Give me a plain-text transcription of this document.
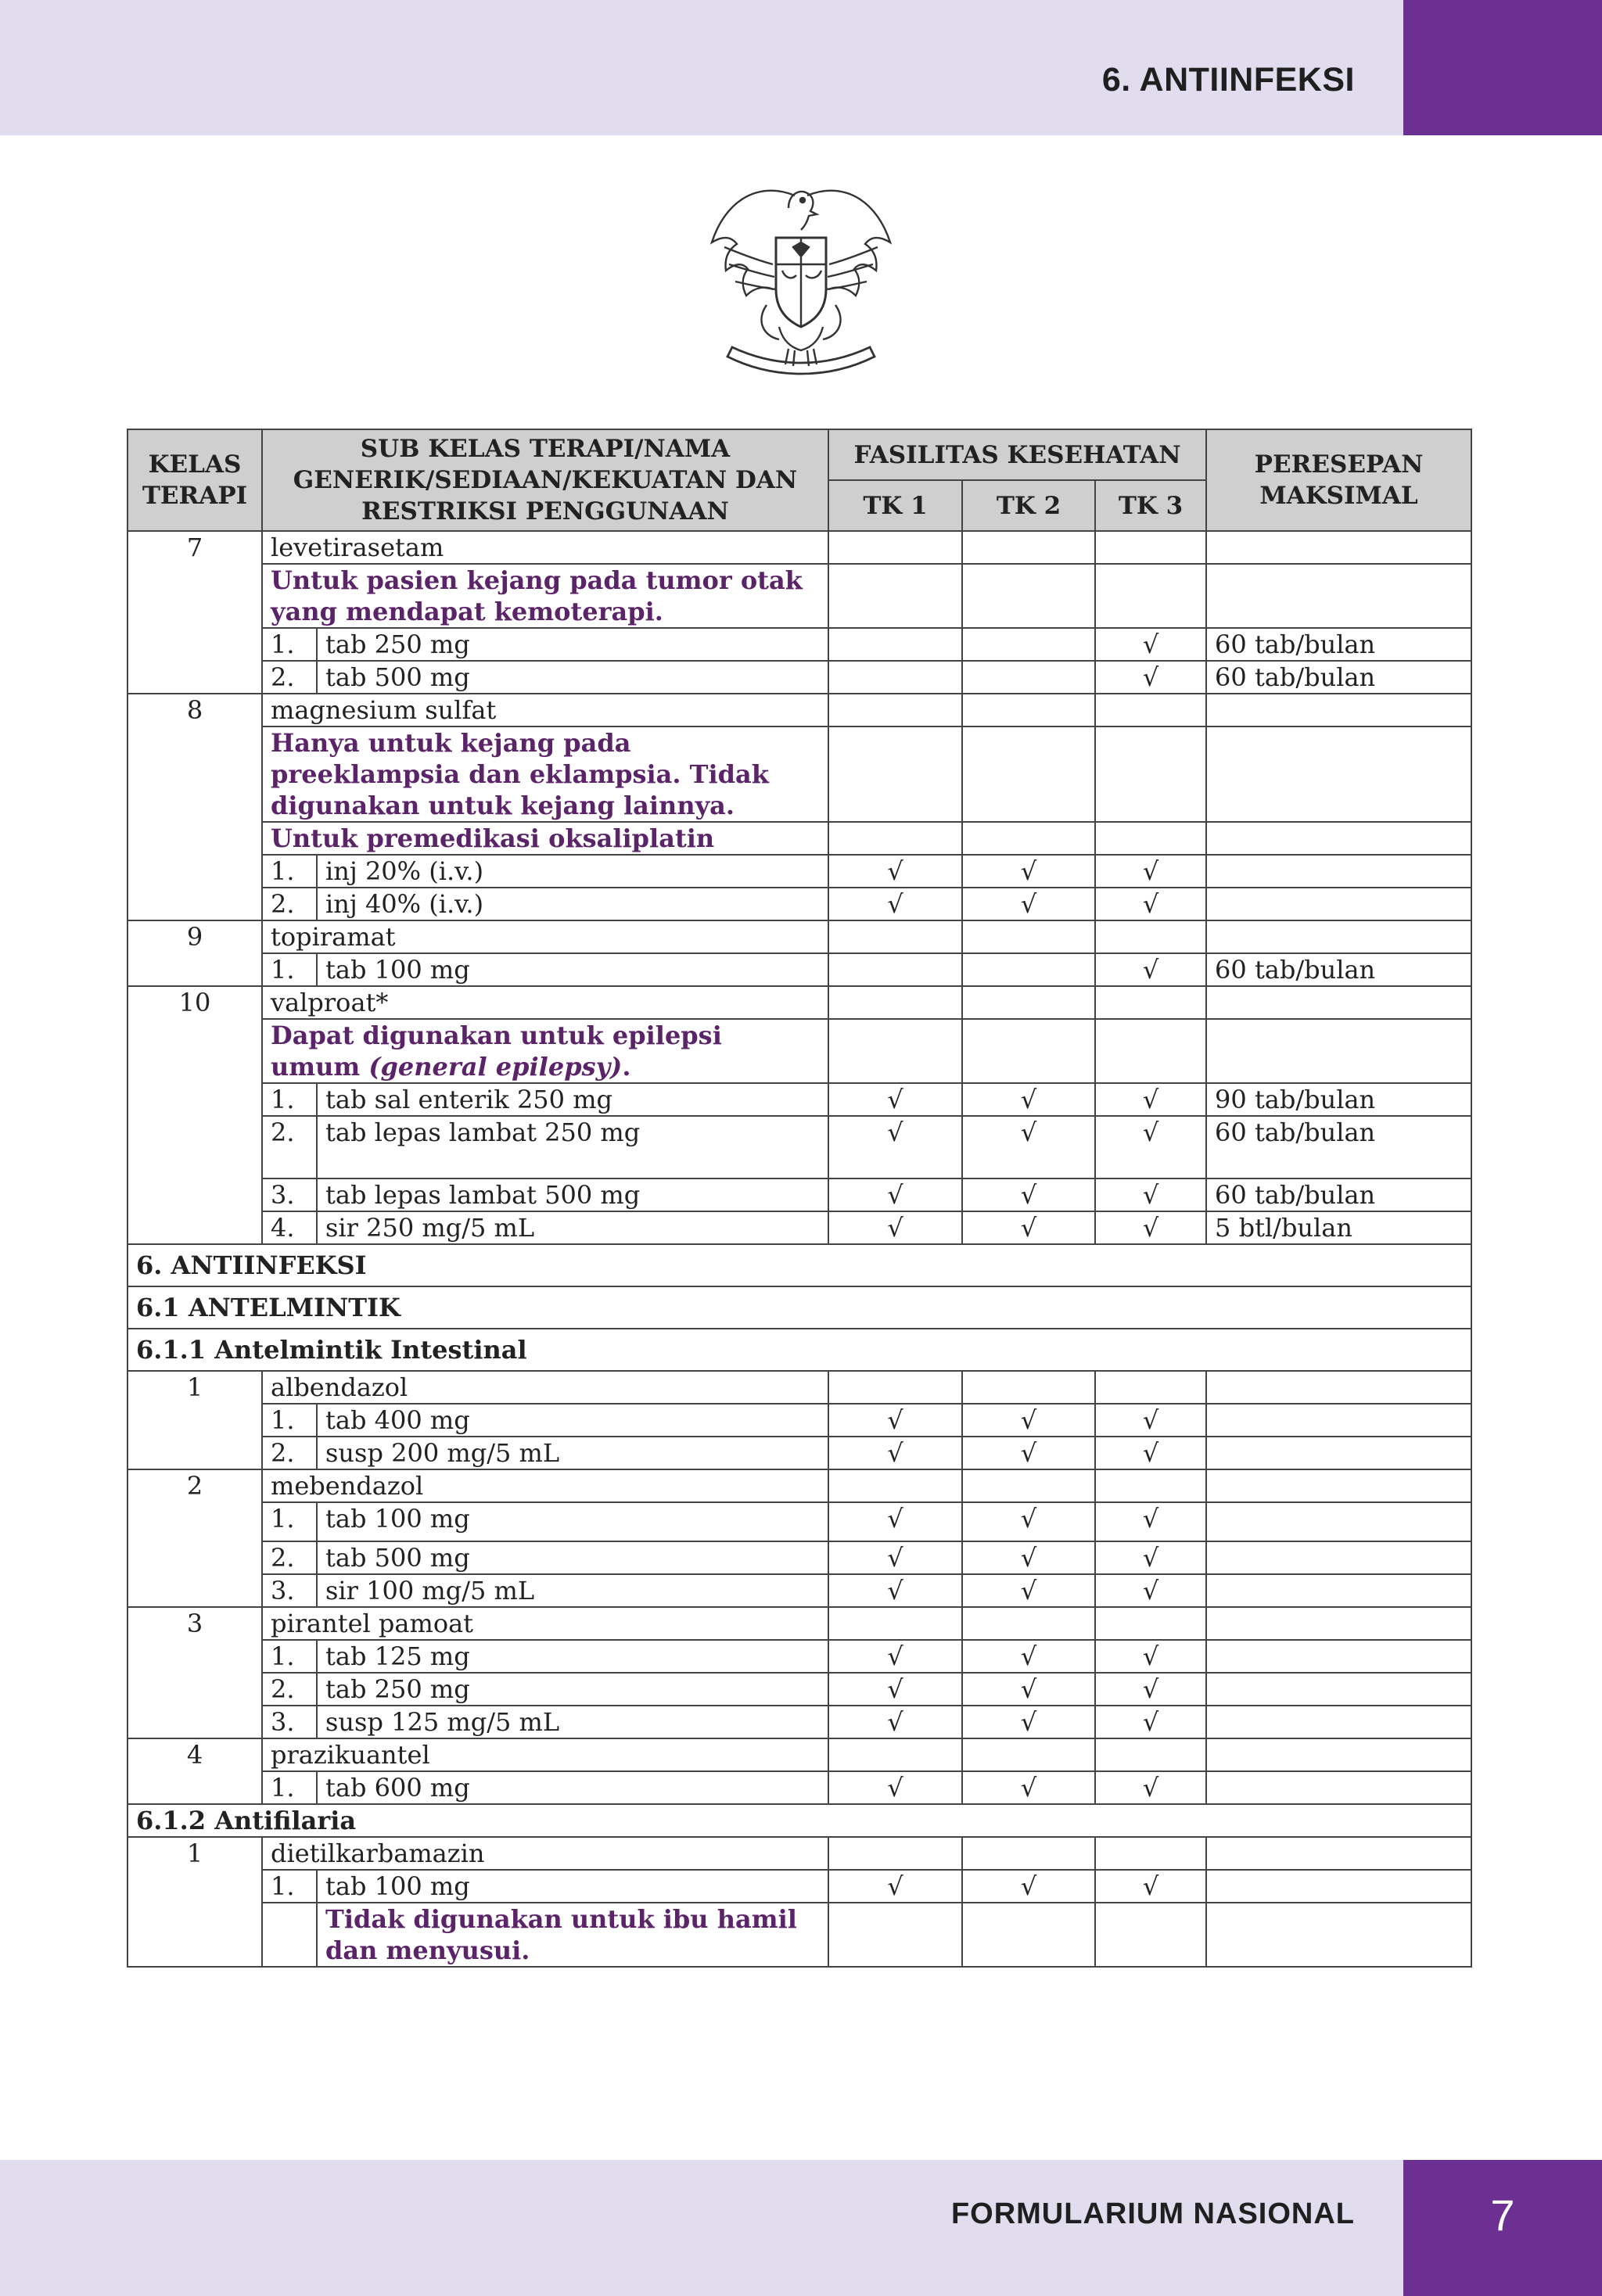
6. ANTIINFEKSI
KELAS TERAPI	SUB KELAS TERAPI/NAMA GENERIK/SEDIAAN/KEKUATAN DAN RESTRIKSI PENGGUNAAN		FASILITAS KESEHATAN			PERESEPAN MAKSIMAL
			TK 1	TK 2	TK 3	
7	levetirasetam					
	Untuk pasien kejang pada tumor otak yang mendapat kemoterapi.					
	1.	tab 250 mg			√	60 tab/bulan
	2.	tab 500 mg			√	60 tab/bulan
8	magnesium sulfat					
	Hanya untuk kejang pada preeklampsia dan eklampsia. Tidak digunakan untuk kejang lainnya.					
	Untuk premedikasi oksaliplatin					
	1.	inj 20% (i.v.)	√	√	√	
	2.	inj 40% (i.v.)	√	√	√	
9	topiramat					
	1.	tab 100 mg			√	60 tab/bulan
10	valproat*					
	Dapat digunakan untuk epilepsi umum (general epilepsy).					
	1.	tab sal enterik 250 mg	√	√	√	90 tab/bulan
	2.	tab lepas lambat 250 mg	√	√	√	60 tab/bulan
	3.	tab lepas lambat 500 mg	√	√	√	60 tab/bulan
	4.	sir 250 mg/5 mL	√	√	√	5 btl/bulan
6. ANTIINFEKSI						
6.1 ANTELMINTIK						
6.1.1 Antelmintik Intestinal						
1	albendazol					
	1.	tab 400 mg	√	√	√	
	2.	susp 200 mg/5 mL	√	√	√	
2	mebendazol					
	1.	tab 100 mg	√	√	√	
	2.	tab 500 mg	√	√	√	
	3.	sir 100 mg/5 mL	√	√	√	
3	pirantel pamoat					
	1.	tab 125 mg	√	√	√	
	2.	tab 250 mg	√	√	√	
	3.	susp 125 mg/5 mL	√	√	√	
4	prazikuantel					
	1.	tab 600 mg	√	√	√	
6.1.2 Antifilaria						
1	dietilkarbamazin					
	1.	tab 100 mg	√	√	√	
		Tidak digunakan untuk ibu hamil dan menyusui.				
FORMULARIUM NASIONAL	7
